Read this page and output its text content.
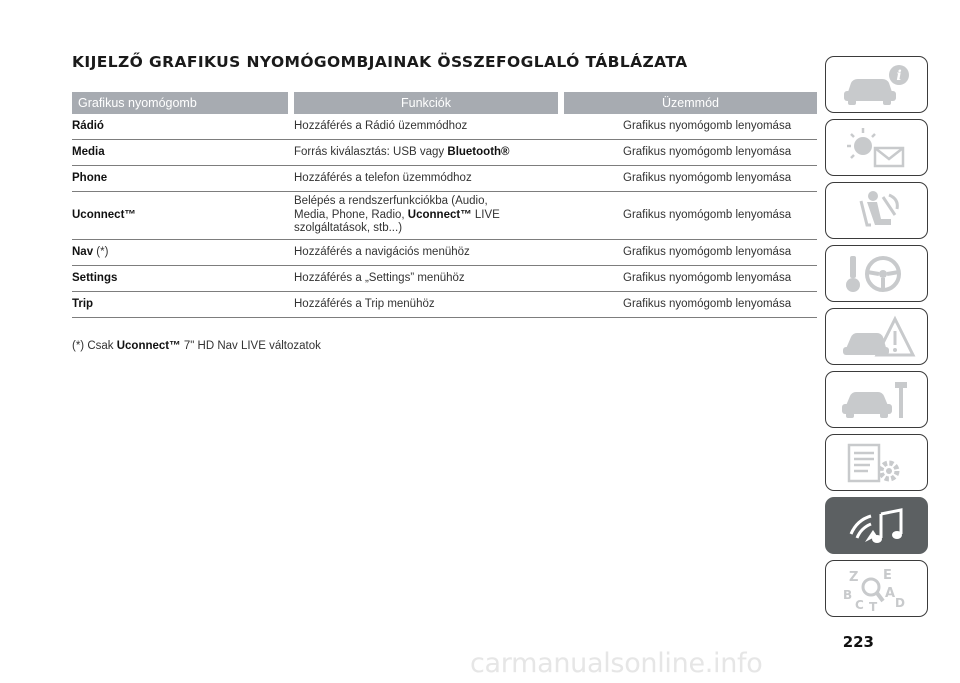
KIJELZŐ GRAFIKUS NYOMÓGOMBJAINAK ÖSSZEFOGLALÓ TÁBLÁZATA
Grafikus nyomógomb		Funkciók		Üzemmód
Rádió	Hozzáférés a Rádió üzemmódhoz			Grafikus nyomógomb lenyomása
Media	Forrás kiválasztás: USB vagy Bluetooth®			Grafikus nyomógomb lenyomása
Phone	Hozzáférés a telefon üzemmódhoz			Grafikus nyomógomb lenyomása
Uconnect™	Belépés a rendszerfunkciókba (Audio,
Media, Phone, Radio, Uconnect™ LIVE
szolgáltatások, stb...)			Grafikus nyomógomb lenyomása
Nav (*)	Hozzáférés a navigációs menühöz			Grafikus nyomógomb lenyomása
Settings	Hozzáférés a „Settings” menühöz			Grafikus nyomógomb lenyomása
Trip	Hozzáférés a Trip menühöz			Grafikus nyomógomb lenyomása
(*) Csak Uconnect™ 7" HD Nav LIVE változatok
i
Z E
B	A
C	D
T
223
carmanualsonline.info
